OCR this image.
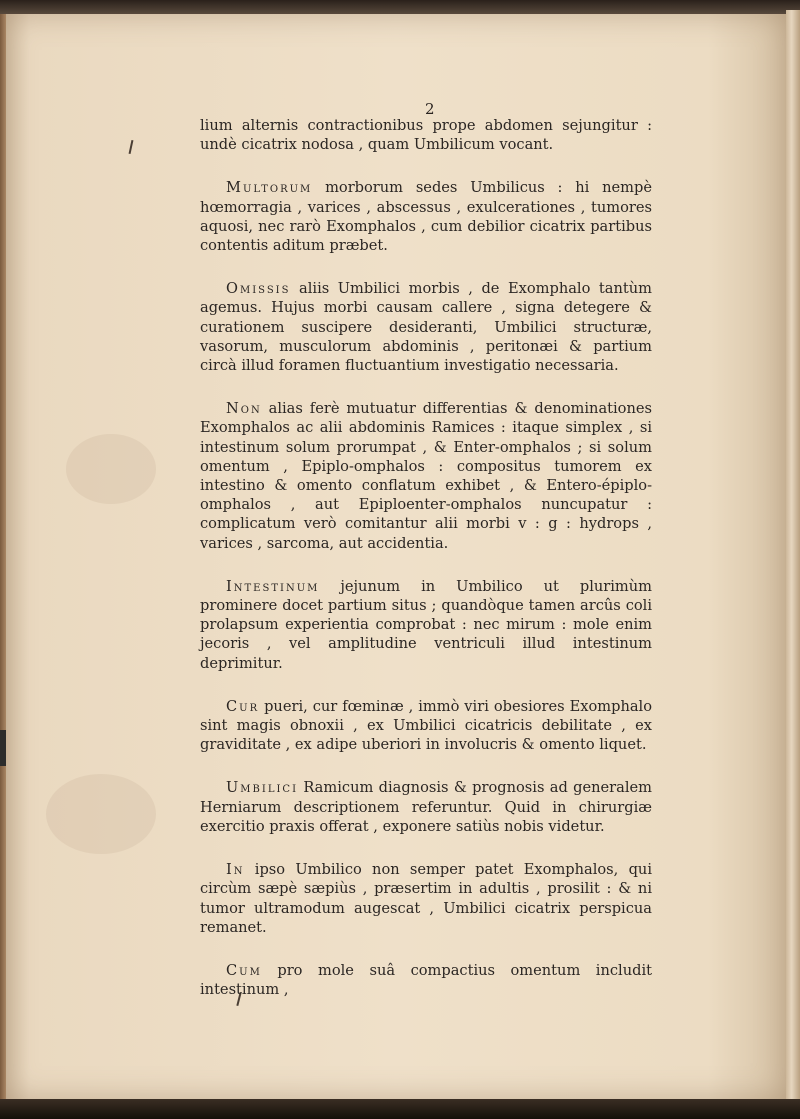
2

lium alternis contractionibus prope abdomen sejungitur : undè cicatrix nodosa , quam Umbilicum vocant.

Multorum morborum sedes Umbilicus : hi nempè hœmorragia , varices , abscessus , exulcerationes , tumores aquosi, nec rarò Exomphalos , cum debilior cicatrix partibus contentis aditum præbet.

Omissis aliis Umbilici morbis , de Exomphalo tantùm agemus. Hujus morbi causam callere , signa detegere & curationem suscipere desideranti, Umbilici structuræ, vasorum, musculorum abdominis , peritonæi & partium circà illud foramen fluctuantium investigatio necessaria.

Non alias ferè mutuatur differentias & denominationes Exomphalos ac alii abdominis Ramices : itaque simplex , si intestinum solum prorumpat , & Enter-omphalos ; si solum omentum , Epiplo-omphalos : compositus tumorem ex intestino & omento conflatum exhibet , & Entero-épiplo-omphalos , aut Epiploenter-omphalos nuncupatur : complicatum verò comitantur alii morbi v : g : hydrops , varices , sarcoma, aut accidentia.

Intestinum jejunum in Umbilico ut plurimùm prominere docet partium situs ; quandòque tamen arcûs coli prolapsum experientia comprobat : nec mirum : mole enim jecoris , vel amplitudine ventriculi illud intestinum deprimitur.

Cur pueri, cur fœminæ , immò viri obesiores Exomphalo sint magis obnoxii , ex Umbilici cicatricis debilitate , ex graviditate , ex adipe uberiori in involucris & omento liquet.

Umbilici Ramicum diagnosis & prognosis ad generalem Herniarum descriptionem referuntur. Quid in chirurgiæ exercitio praxis offerat , exponere satiùs nobis videtur.

In ipso Umbilico non semper patet Exomphalos, qui circùm sæpè sæpiùs , præsertim in adultis , prosilit : & ni tumor ultramodum augescat , Umbilici cicatrix perspicua remanet.

Cum pro mole suâ compactius omentum includit intestinum ,
